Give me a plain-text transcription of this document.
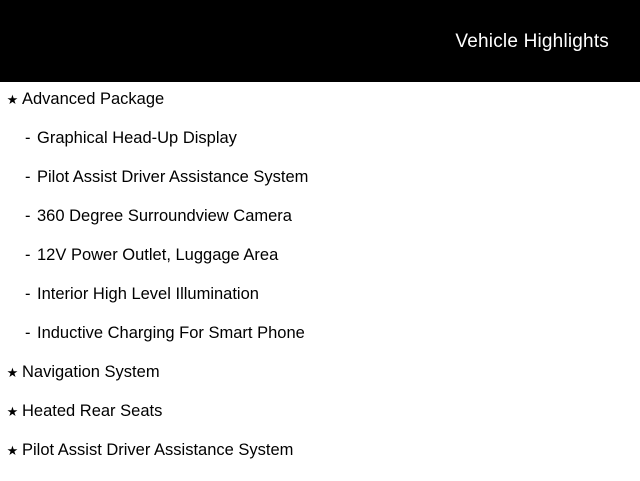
Vehicle Highlights
★ Advanced Package
- Graphical Head-Up Display
- Pilot Assist Driver Assistance System
- 360 Degree Surroundview Camera
- 12V Power Outlet, Luggage Area
- Interior High Level Illumination
- Inductive Charging For Smart Phone
★ Navigation System
★ Heated Rear Seats
★ Pilot Assist Driver Assistance System
